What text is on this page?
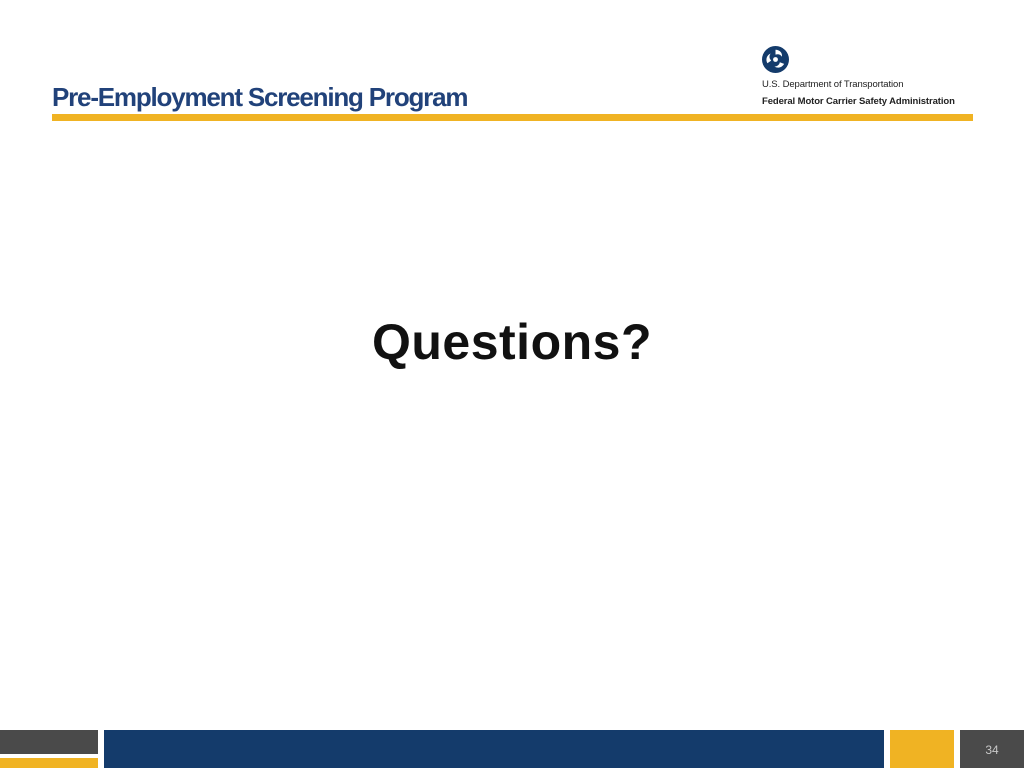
Pre-Employment Screening Program	U.S. Department of Transportation
Federal Motor Carrier Safety Administration
Questions?
34
